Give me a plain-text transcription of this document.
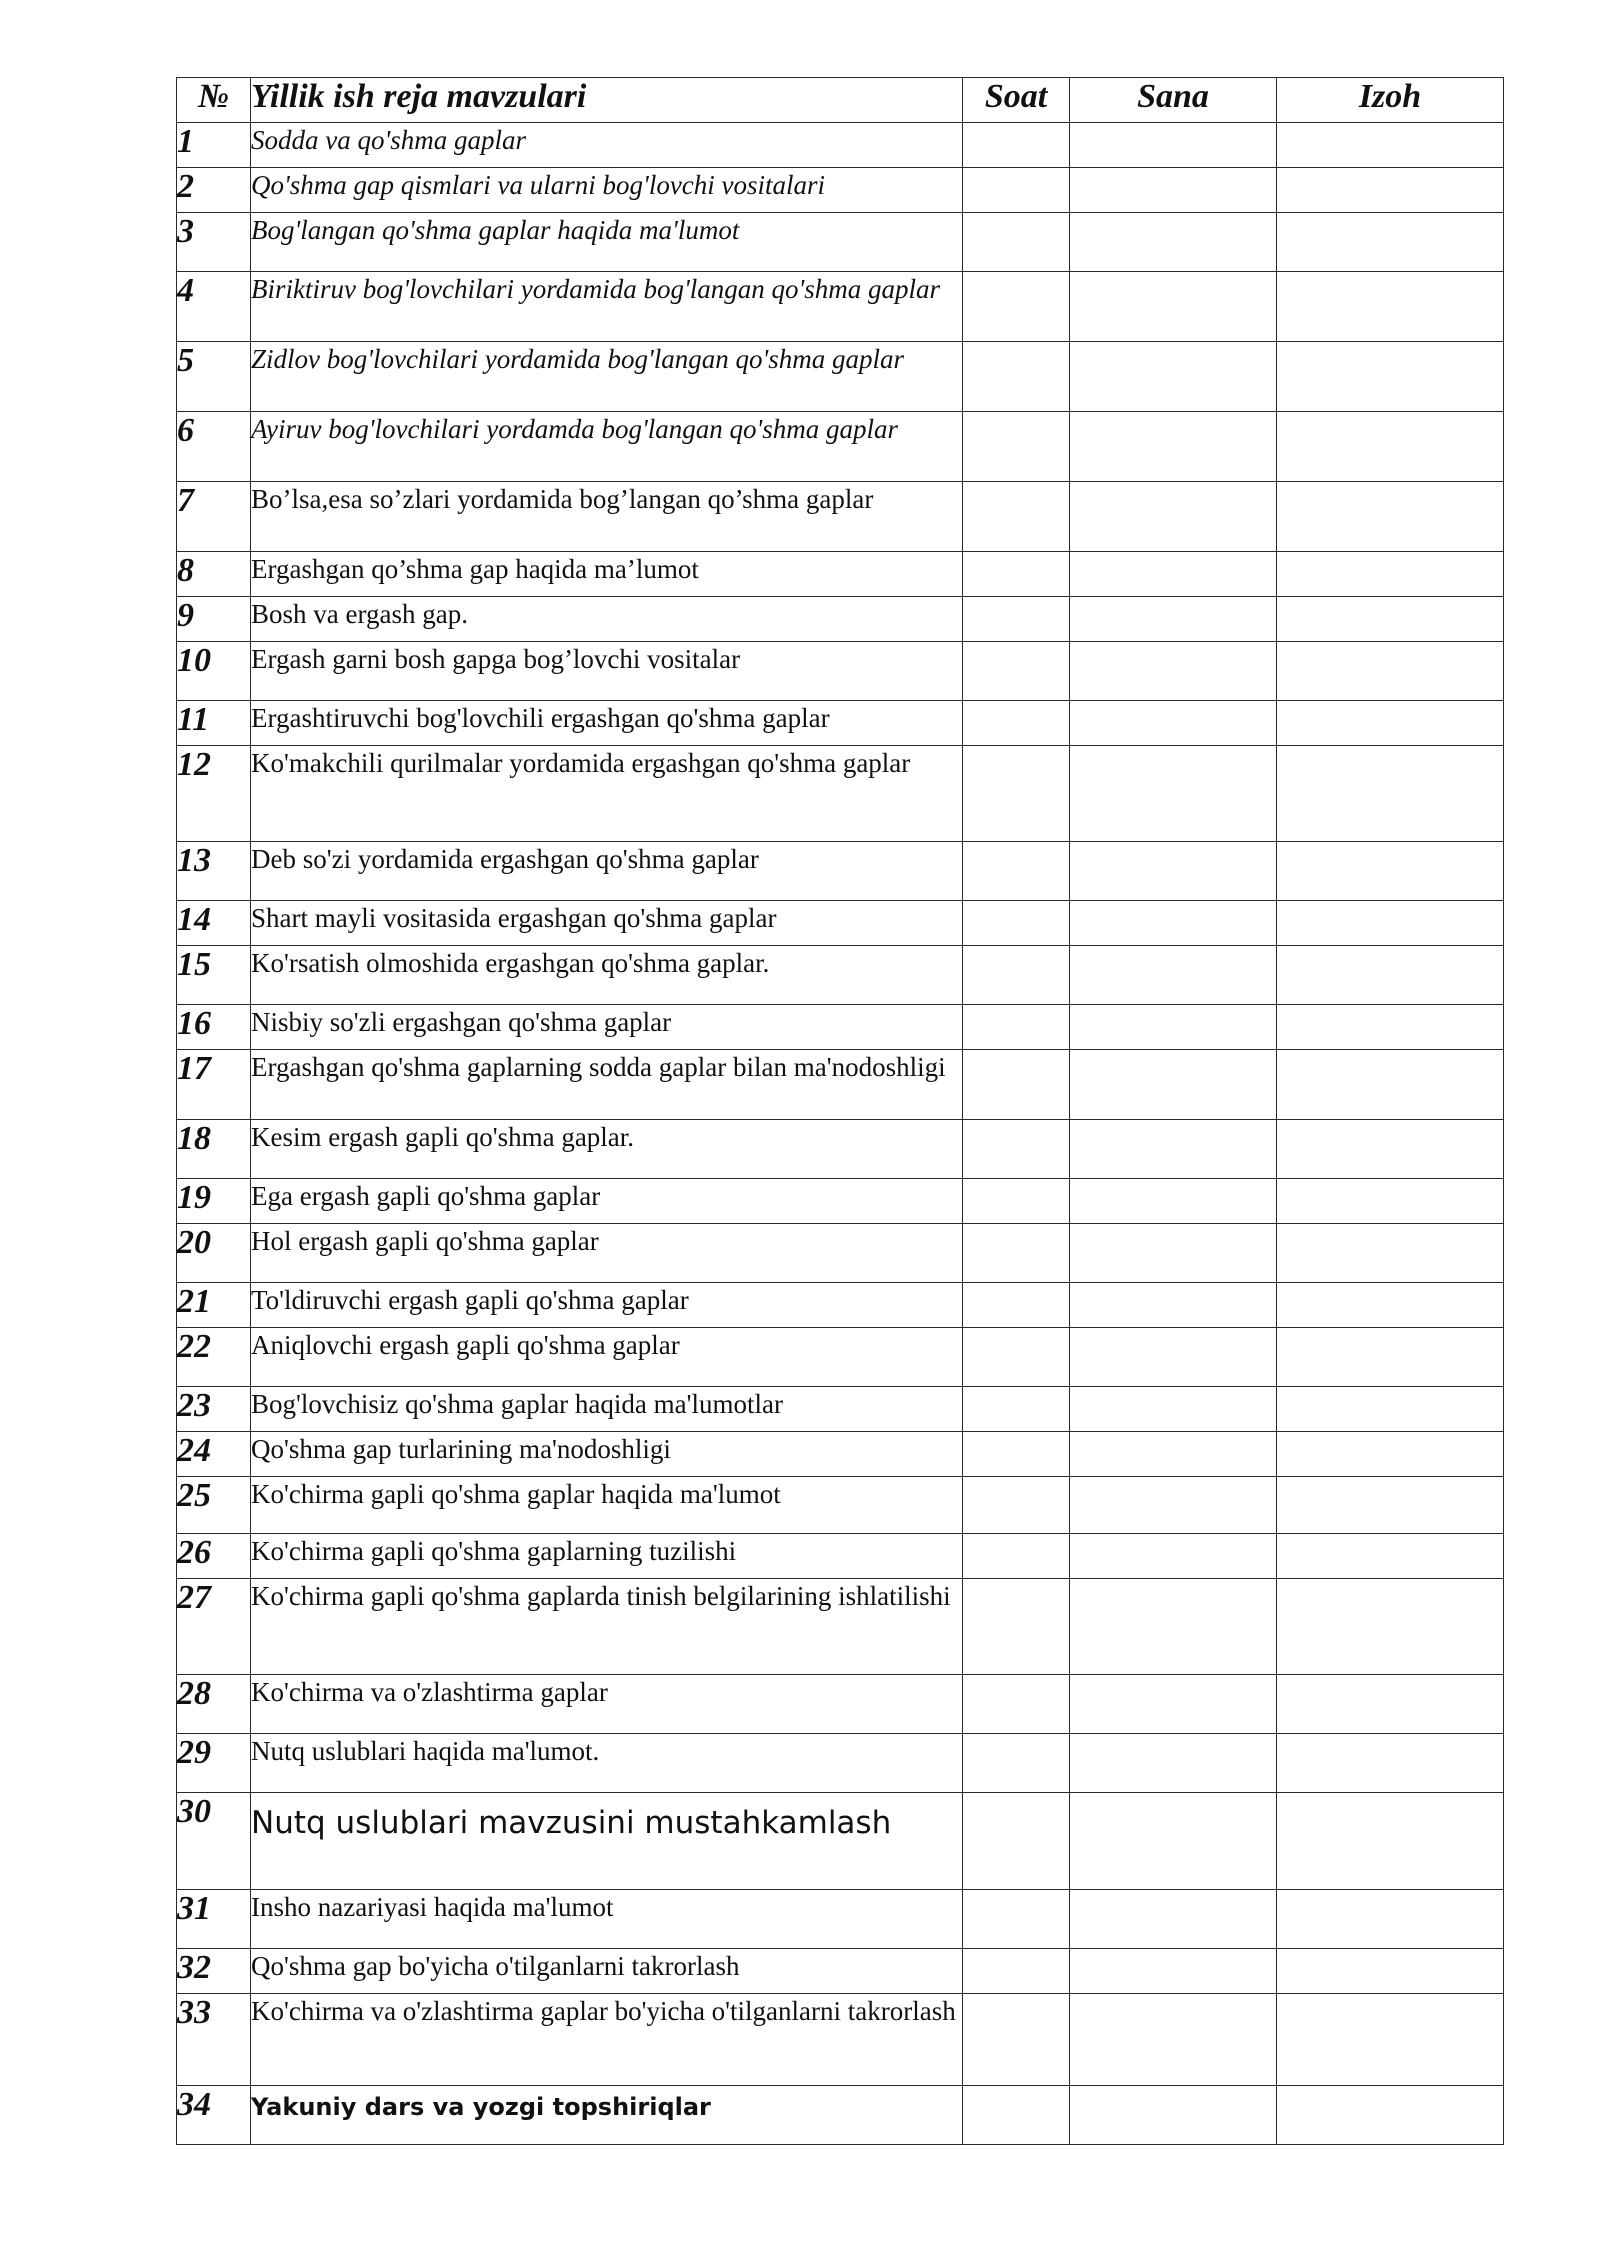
№	Yillik ish reja mavzulari	Soat	Sana	Izoh
1	Sodda va qo'shma gaplar			
2	Qo'shma gap qismlari va ularni bog'lovchi vositalari			
3	Bog'langan qo'shma gaplar haqida ma'lumot			
4	Biriktiruv bog'lovchilari yordamida bog'langan qo'shma gaplar			
5	Zidlov bog'lovchilari yordamida bog'langan qo'shma gaplar			
6	Ayiruv bog'lovchilari yordamda bog'langan qo'shma gaplar			
7	Bo’lsa,esa so’zlari yordamida bog’langan qo’shma gaplar			
8	Ergashgan qo’shma gap haqida ma’lumot			
9	Bosh va ergash gap.			
10	Ergash garni bosh gapga bog’lovchi vositalar			
11	Ergashtiruvchi bog'lovchili ergashgan qo'shma gaplar			
12	Ko'makchili qurilmalar yordamida ergashgan qo'shma gaplar			
13	Deb so'zi yordamida ergashgan qo'shma gaplar			
14	Shart mayli vositasida ergashgan qo'shma gaplar			
15	Ko'rsatish olmoshida ergashgan qo'shma gaplar.			
16	Nisbiy so'zli ergashgan qo'shma gaplar			
17	Ergashgan qo'shma gaplarning sodda gaplar bilan ma'nodoshligi			
18	Kesim ergash gapli qo'shma gaplar.			
19	Ega ergash gapli qo'shma gaplar			
20	Hol ergash gapli qo'shma gaplar			
21	To'ldiruvchi ergash gapli qo'shma gaplar			
22	Aniqlovchi ergash gapli qo'shma gaplar			
23	Bog'lovchisiz qo'shma gaplar haqida ma'lumotlar			
24	Qo'shma gap turlarining ma'nodoshligi			
25	Ko'chirma gapli qo'shma gaplar haqida ma'lumot			
26	Ko'chirma gapli qo'shma gaplarning tuzilishi			
27	Ko'chirma gapli qo'shma gaplarda tinish belgilarining ishlatilishi			
28	Ko'chirma va o'zlashtirma gaplar			
29	Nutq uslublari haqida ma'lumot.			
30	Nutq uslublari mavzusini mustahkamlash			
31	Insho nazariyasi haqida ma'lumot			
32	Qo'shma gap bo'yicha o'tilganlarni takrorlash			
33	Ko'chirma va o'zlashtirma gaplar bo'yicha o'tilganlarni takrorlash			
34	Yakuniy dars va yozgi topshiriqlar			
